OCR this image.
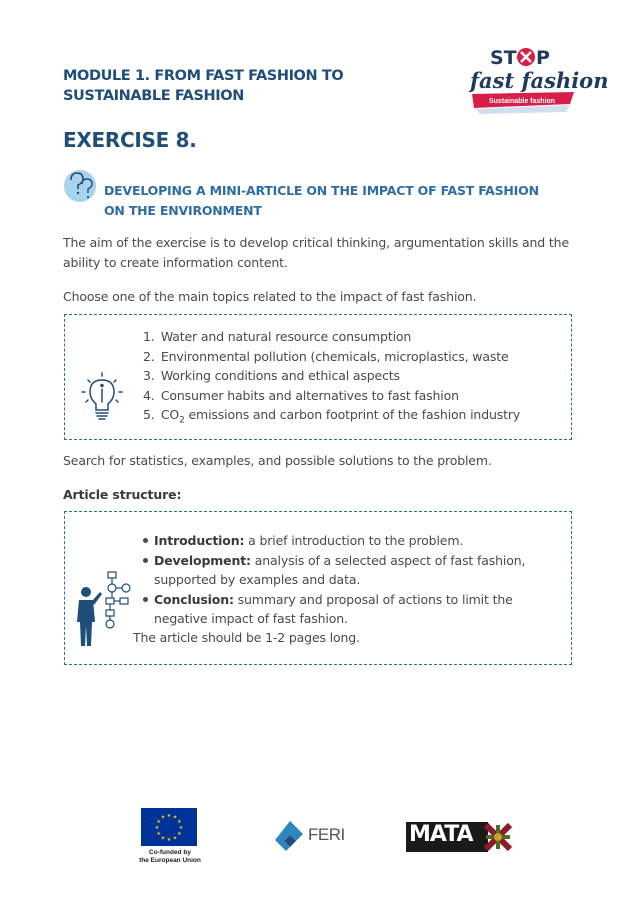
MODULE 1. FROM FAST FASHION TO SUSTAINABLE FASHION
ST P
fast fashion
Sustainable fashion
EXERCISE 8.
DEVELOPING A MINI-ARTICLE ON THE IMPACT OF FAST FASHION ON THE ENVIRONMENT

The aim of the exercise is to develop critical thinking, argumentation skills and the ability to create information content.

Choose one of the main topics related to the impact of fast fashion.

1. Water and natural resource consumption
2. Environmental pollution (chemicals, microplastics, waste
3. Working conditions and ethical aspects
4. Consumer habits and alternatives to fast fashion
5. $CO_2$ emissions and carbon footprint of the fashion industry

Search for statistics, examples, and possible solutions to the problem.

Article structure:

Introduction: a brief introduction to the problem.
Development: analysis of a selected aspect of fast fashion, supported by examples and data.
Conclusion: summary and proposal of actions to limit the negative impact of fast fashion.

The article should be 1-2 pages long.

★ ★
★
★
★
★
★
★
★
★
★
★
Co-funded by
the European Union
FERI	MATA
